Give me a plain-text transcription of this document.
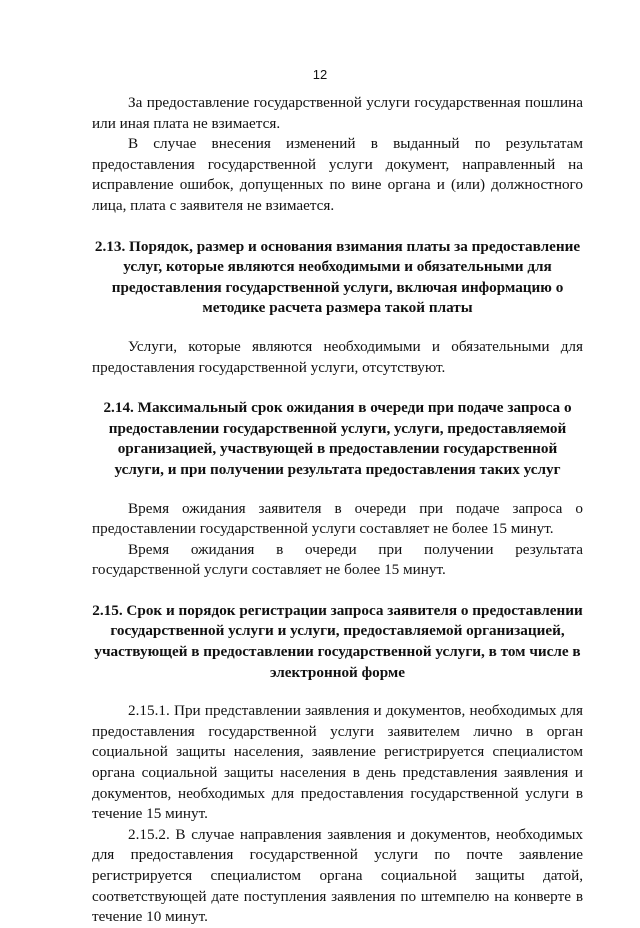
12

За предоставление государственной услуги государственная пошлина или иная плата не взимается.

В случае внесения изменений в выданный по результатам предоставления государственной услуги документ, направленный на исправление ошибок, допущенных по вине органа и (или) должностного лица, плата с заявителя не взимается.

2.13. Порядок, размер и основания взимания платы за предоставление услуг, которые являются необходимыми и обязательными для предоставления государственной услуги, включая информацию о методике расчета размера такой платы

Услуги, которые являются необходимыми и обязательными для предоставления государственной услуги, отсутствуют.

2.14. Максимальный срок ожидания в очереди при подаче запроса о предоставлении государственной услуги, услуги, предоставляемой организацией, участвующей в предоставлении государственной услуги, и при получении результата предоставления таких услуг

Время ожидания заявителя в очереди при подаче запроса о предоставлении государственной услуги составляет не более 15 минут.

Время ожидания в очереди при получении результата государственной услуги составляет не более 15 минут.

2.15. Срок и порядок регистрации запроса заявителя о предоставлении государственной услуги и услуги, предоставляемой организацией, участвующей в предоставлении государственной услуги, в том числе в электронной форме

2.15.1. При представлении заявления и документов, необходимых для предоставления государственной услуги заявителем лично в орган социальной защиты населения, заявление регистрируется специалистом органа социальной защиты населения в день представления заявления и документов, необходимых для предоставления государственной услуги в течение 15 минут.

2.15.2. В случае направления заявления и документов, необходимых для предоставления государственной услуги по почте заявление регистрируется специалистом органа социальной защиты датой, соответствующей дате поступления заявления по штемпелю на конверте в течение 10 минут.
